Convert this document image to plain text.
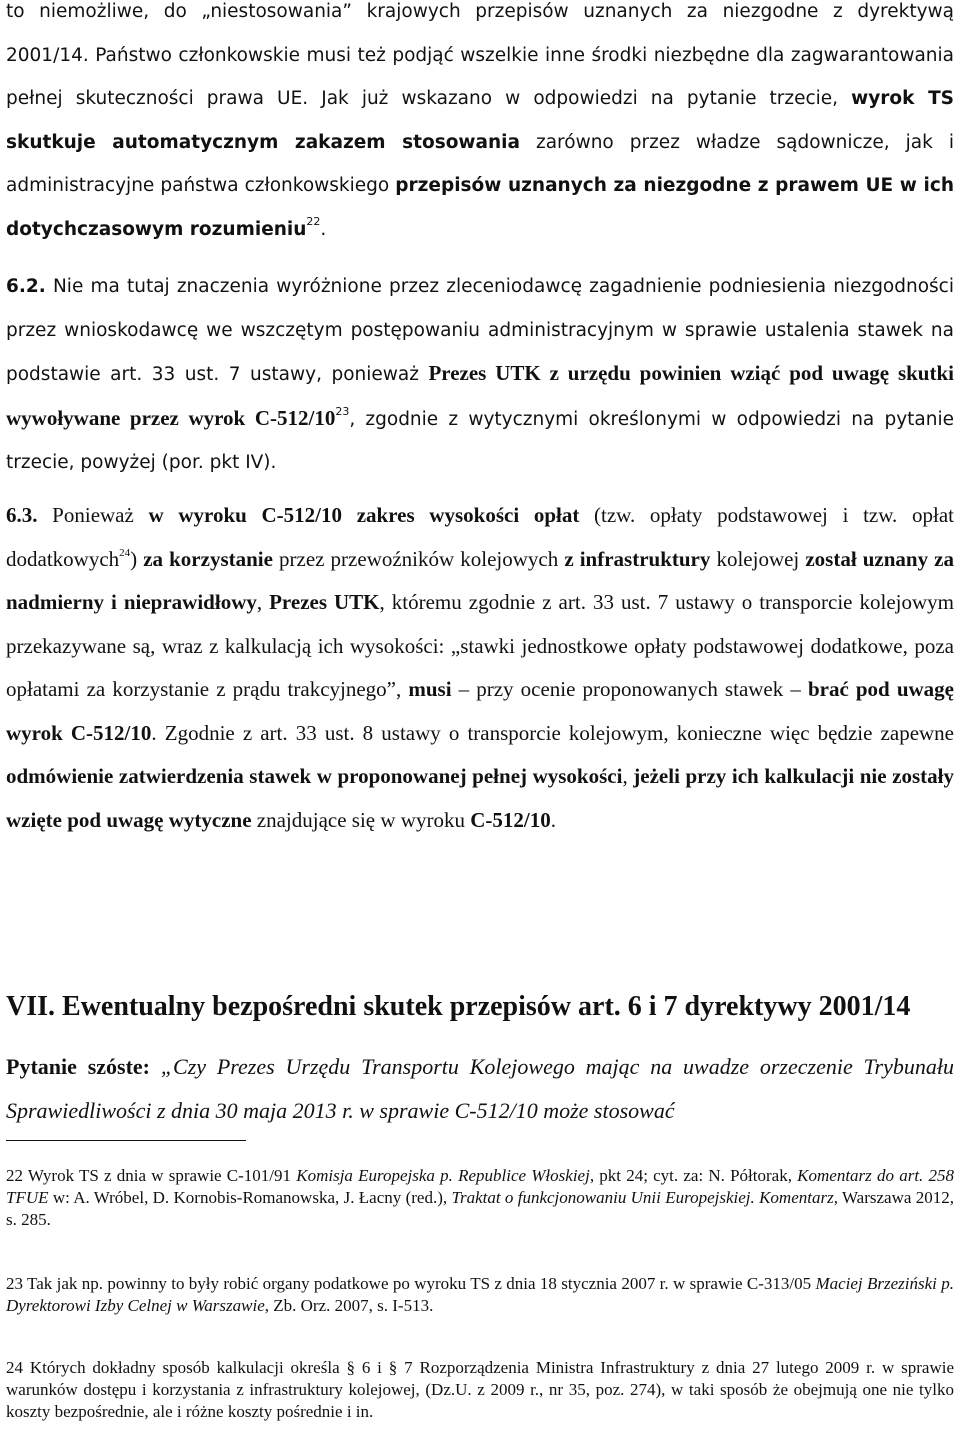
to niemożliwe, do „niestosowania” krajowych przepisów uznanych za niezgodne z dyrektywą 2001/14. Państwo członkowskie musi też podjąć wszelkie inne środki niezbędne dla zagwarantowania pełnej skuteczności prawa UE. Jak już wskazano w odpowiedzi na pytanie trzecie, wyrok TS skutkuje automatycznym zakazem stosowania zarówno przez władze sądownicze, jak i administracyjne państwa członkowskiego przepisów uznanych za niezgodne z prawem UE w ich dotychczasowym rozumieniu$^{22}$.

6.2. Nie ma tutaj znaczenia wyróżnione przez zleceniodawcę zagadnienie podniesienia niezgodności przez wnioskodawcę we wszczętym postępowaniu administracyjnym w sprawie ustalenia stawek na podstawie art. 33 ust. 7 ustawy, ponieważ Prezes UTK z urzędu powinien wziąć pod uwagę skutki wywoływane przez wyrok $C-512/10^{23}$, zgodnie z wytycznymi określonymi w odpowiedzi na pytanie trzecie, powyżej (por. pkt IV).

6.3. Ponieważ w wyroku C-512/10 zakres wysokości opłat (tzw. opłaty podstawowej i tzw. opłat dodatkowych$^{24}$) za korzystanie przez przewoźników kolejowych z infrastruktury kolejowej został uznany za nadmierny i nieprawidłowy, Prezes UTK, któremu zgodnie z art. 33 ust. 7 ustawy o transporcie kolejowym przekazywane są, wraz z kalkulacją ich wysokości: „stawki jednostkowe opłaty podstawowej dodatkowe, poza opłatami za korzystanie z prądu trakcyjnego”, musi – przy ocenie proponowanych stawek – brać pod uwagę wyrok C-512/10. Zgodnie z art. 33 ust. 8 ustawy o transporcie kolejowym, konieczne więc będzie zapewne odmówienie zatwierdzenia stawek w proponowanej pełnej wysokości, jeżeli przy ich kalkulacji nie zostały wzięte pod uwagę wytyczne znajdujące się w wyroku C-512/10.

VII. Ewentualny bezpośredni skutek przepisów art. 6 i 7 dyrektywy 2001/14

Pytanie szóste: „Czy Prezes Urzędu Transportu Kolejowego mając na uwadze orzeczenie Trybunału Sprawiedliwości z dnia 30 maja 2013 r. w sprawie C-512/10 może stosować

22 Wyrok TS z dnia w sprawie C-101/91 Komisja Europejska p. Republice Włoskiej, pkt 24; cyt. za: N. Półtorak, Komentarz do art. 258 TFUE w: A. Wróbel, D. Kornobis-Romanowska, J. Łacny (red.), Traktat o funkcjonowaniu Unii Europejskiej. Komentarz, Warszawa 2012, s. 285.

23 Tak jak np. powinny to były robić organy podatkowe po wyroku TS z dnia 18 stycznia 2007 r. w sprawie C-313/05 Maciej Brzeziński p. Dyrektorowi Izby Celnej w Warszawie, Zb. Orz. 2007, s. I-513.

24 Których dokładny sposób kalkulacji określa § 6 i § 7 Rozporządzenia Ministra Infrastruktury z dnia 27 lutego 2009 r. w sprawie warunków dostępu i korzystania z infrastruktury kolejowej, (Dz.U. z 2009 r., nr 35, poz. 274), w taki sposób że obejmują one nie tylko koszty bezpośrednie, ale i różne koszty pośrednie i in.
